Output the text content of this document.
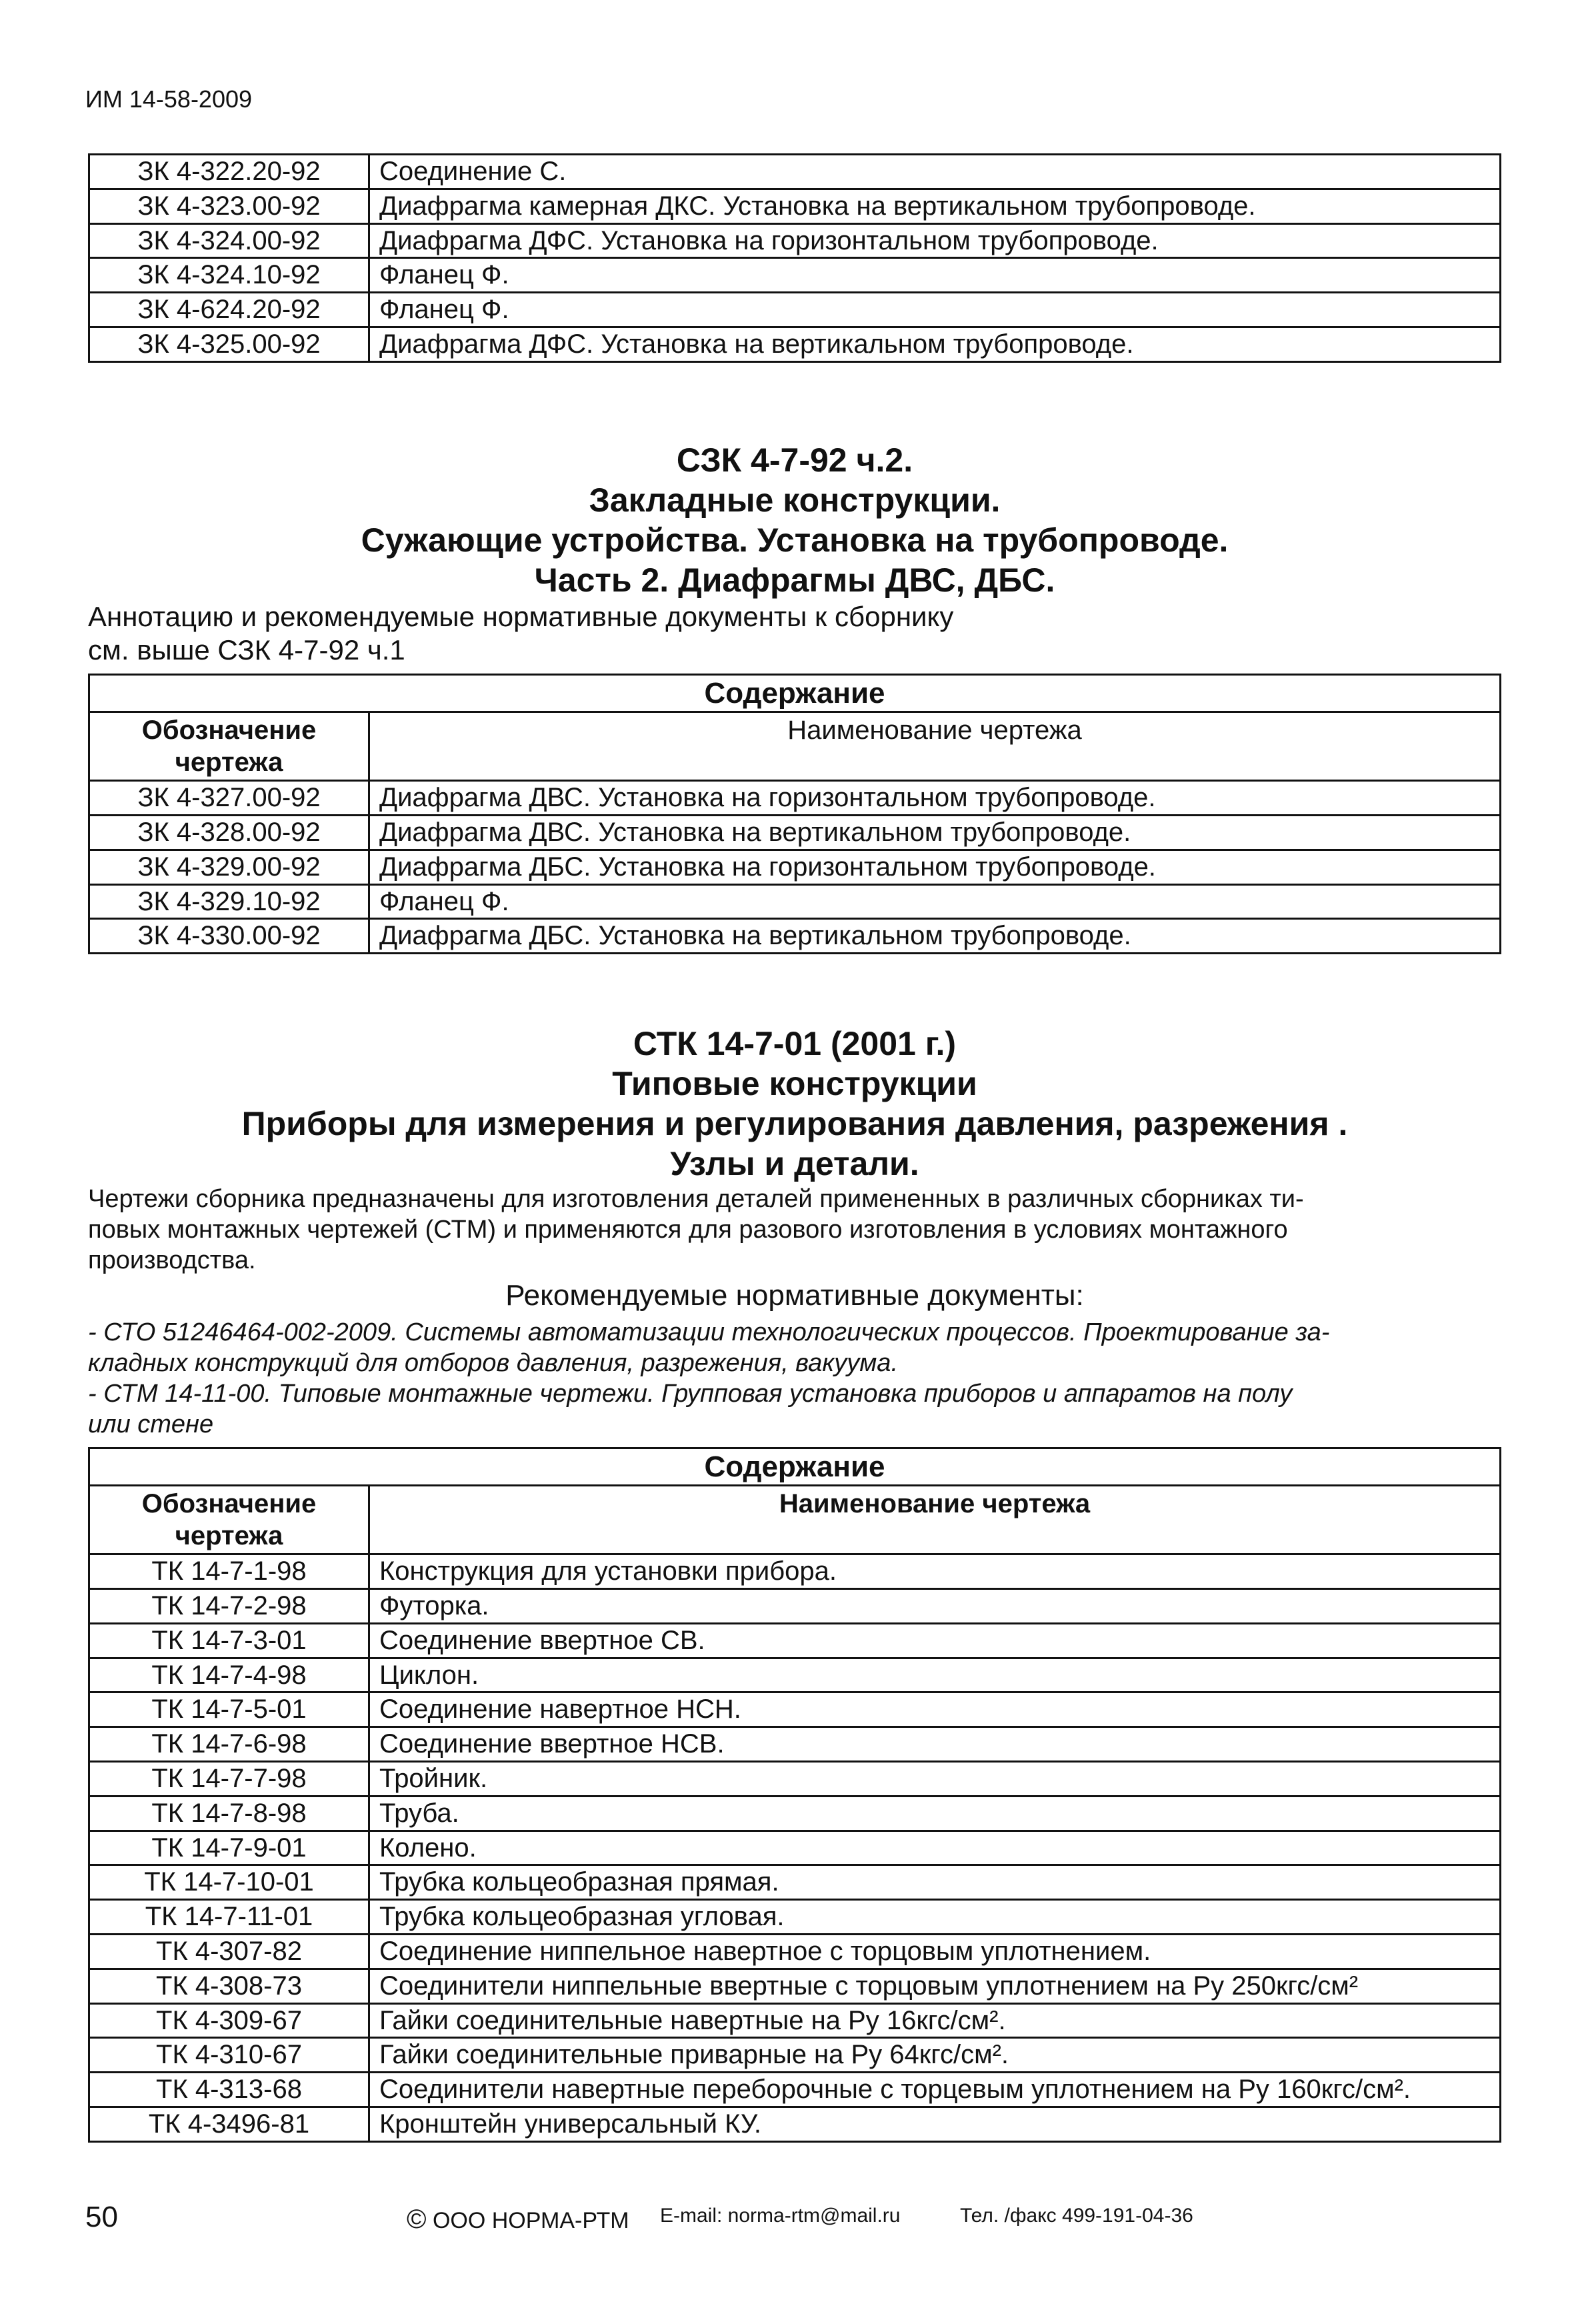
ИМ 14-58-2009
ЗК 4-322.20-92	Соединение С.
ЗК 4-323.00-92	Диафрагма камерная ДКС. Установка на вертикальном трубопроводе.
ЗК 4-324.00-92	Диафрагма ДФС. Установка на горизонтальном трубопроводе.
ЗК 4-324.10-92	Фланец Ф.
ЗК 4-624.20-92	Фланец Ф.
ЗК 4-325.00-92	Диафрагма ДФС. Установка на вертикальном трубопроводе.
СЗК 4-7-92 ч.2.
Закладные конструкции.
Сужающие устройства. Установка на трубопроводе.
Часть 2. Диафрагмы ДВС, ДБС.
Аннотацию и рекомендуемые нормативные документы к сборнику
см. выше СЗК 4-7-92 ч.1
Содержание	
Обозначение чертежа	Наименование чертежа
ЗК 4-327.00-92	Диафрагма ДВС. Установка на горизонтальном трубопроводе.
ЗК 4-328.00-92	Диафрагма ДВС. Установка на вертикальном трубопроводе.
ЗК 4-329.00-92	Диафрагма ДБС. Установка на горизонтальном трубопроводе.
ЗК 4-329.10-92	Фланец Ф.
ЗК 4-330.00-92	Диафрагма ДБС. Установка на вертикальном трубопроводе.
СТК 14-7-01 (2001 г.)
Типовые конструкции
Приборы для измерения и регулирования давления, разрежения .
Узлы и детали.
Чертежи сборника предназначены для изготовления деталей примененных в различных сборниках ти-
повых монтажных чертежей (СТМ) и применяются для разового изготовления в условиях монтажного
производства.
Рекомендуемые нормативные документы:
- СТО 51246464-002-2009. Системы автоматизации технологических процессов. Проектирование за-
кладных конструкций для отборов давления, разрежения, вакуума.
- СТМ 14-11-00. Типовые монтажные чертежи. Групповая установка приборов и аппаратов на полу
или стене
Содержание	
Обозначение чертежа	Наименование чертежа
ТК 14-7-1-98	Конструкция для установки прибора.
ТК 14-7-2-98	Футорка.
ТК 14-7-3-01	Соединение ввертное СВ.
ТК 14-7-4-98	Циклон.
ТК 14-7-5-01	Соединение навертное НСН.
ТК 14-7-6-98	Соединение ввертное НСВ.
ТК 14-7-7-98	Тройник.
ТК 14-7-8-98	Труба.
ТК 14-7-9-01	Колено.
ТК 14-7-10-01	Трубка кольцеобразная прямая.
ТК 14-7-11-01	Трубка кольцеобразная угловая.
ТК 4-307-82	Соединение ниппельное навертное с торцовым уплотнением.
ТК 4-308-73	Соединители ниппельные ввертные с торцовым уплотнением на Ру 250кгс/см²
ТК 4-309-67	Гайки соединительные навертные на Ру 16кгс/см².
ТК 4-310-67	Гайки соединительные приварные на Ру 64кгс/см².
ТК 4-313-68	Соединители навертные переборочные с торцевым уплотнением на Ру 160кгс/см².
ТК 4-3496-81	Кронштейн универсальный КУ.
50	© ООО НОРМА-РТМ E-mail: norma-rtm@mail.ru	Тел. /факс 499-191-04-36
